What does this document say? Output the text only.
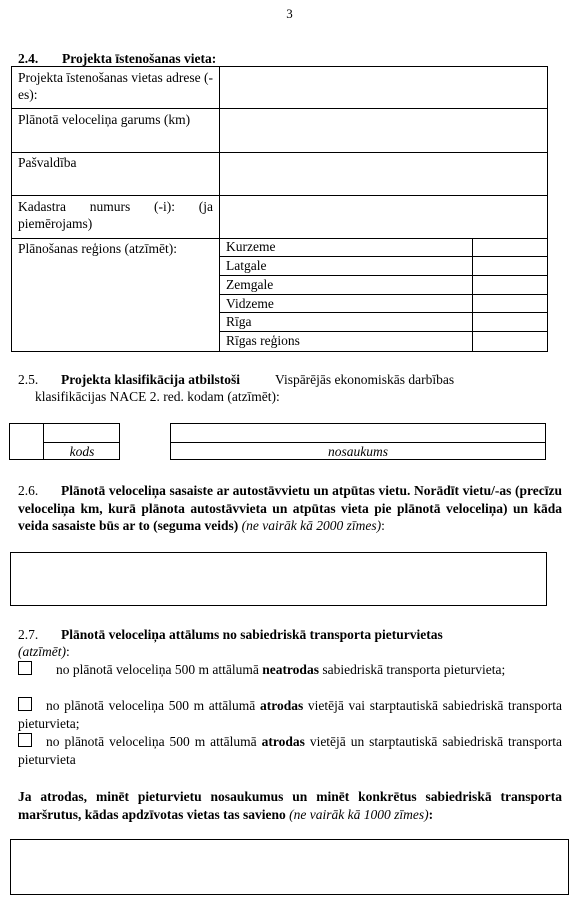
3
2.4. Projekta īstenošanas vieta:
Projekta īstenošanas vietas adrese (-es):
Plānotā veloceliņa garums (km)
Pašvaldība
Kadastra numurs (-i): (ja piemērojams)
Plānošanas reģions (atzīmēt):	Kurzeme
Latgale
Zemgale
Vidzeme
Rīga
Rīgas reģions
2.5. Projekta klasifikācija atbilstoši	Vispārējās ekonomiskās darbības
klasifikācijas NACE 2. red. kodam (atzīmēt):
kods	nosaukums
2.6.	Plānotā veloceliņa sasaiste ar autostāvvietu un atpūtas vietu. Norādīt vietu/-as (precīzu veloceliņa km, kurā plānota autostāvvieta un atpūtas vieta pie plānotā veloceliņa) un kāda veida sasaiste būs ar to (seguma veids) (ne vairāk kā 2000 zīmes):
2.7. Plānotā veloceliņa attālums no sabiedriskā transporta pieturvietas
(atzīmēt):
no plānotā veloceliņa 500 m attālumā neatrodas sabiedriskā transporta pieturvieta;
no plānotā veloceliņa 500 m attālumā atrodas vietējā vai starptautiskā sabiedriskā transporta pieturvieta;
no plānotā veloceliņa 500 m attālumā atrodas vietējā un starptautiskā sabiedriskā transporta pieturvieta
Ja atrodas, minēt pieturvietu nosaukumus un minēt konkrētus sabiedriskā transporta maršrutus, kādas apdzīvotas vietas tas savieno (ne vairāk kā 1000 zīmes):
